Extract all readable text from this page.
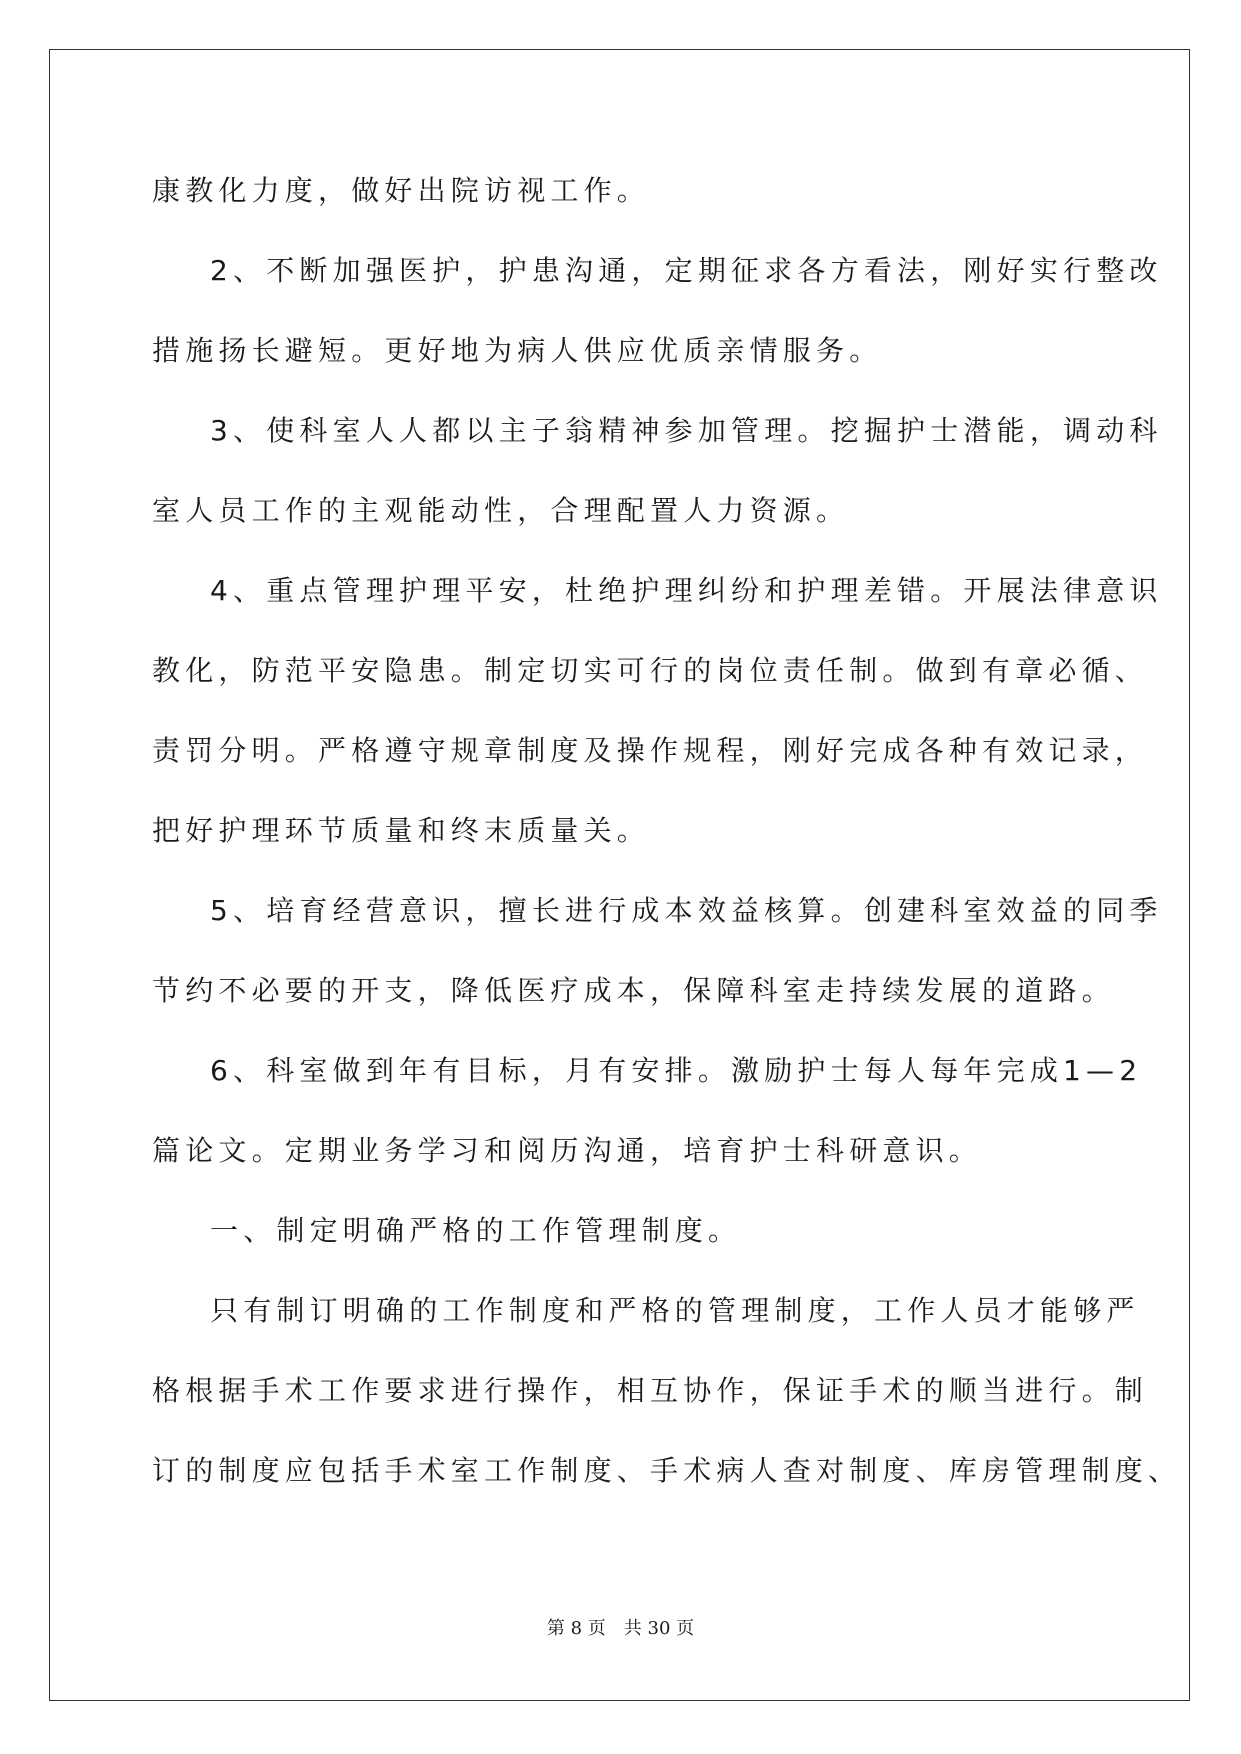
康教化力度，做好出院访视工作。
2、不断加强医护，护患沟通，定期征求各方看法，刚好实行整改
措施扬长避短。更好地为病人供应优质亲情服务。
3、使科室人人都以主子翁精神参加管理。挖掘护士潜能，调动科
室人员工作的主观能动性，合理配置人力资源。
4、重点管理护理平安，杜绝护理纠纷和护理差错。开展法律意识
教化，防范平安隐患。制定切实可行的岗位责任制。做到有章必循、
责罚分明。严格遵守规章制度及操作规程，刚好完成各种有效记录，
把好护理环节质量和终末质量关。
5、培育经营意识，擅长进行成本效益核算。创建科室效益的同季
节约不必要的开支，降低医疗成本，保障科室走持续发展的道路。
6、科室做到年有目标，月有安排。激励护士每人每年完成1—2
篇论文。定期业务学习和阅历沟通，培育护士科研意识。
一、制定明确严格的工作管理制度。
只有制订明确的工作制度和严格的管理制度，工作人员才能够严
格根据手术工作要求进行操作，相互协作，保证手术的顺当进行。制
订的制度应包括手术室工作制度、手术病人查对制度、库房管理制度、
第 8 页 共 30 页
